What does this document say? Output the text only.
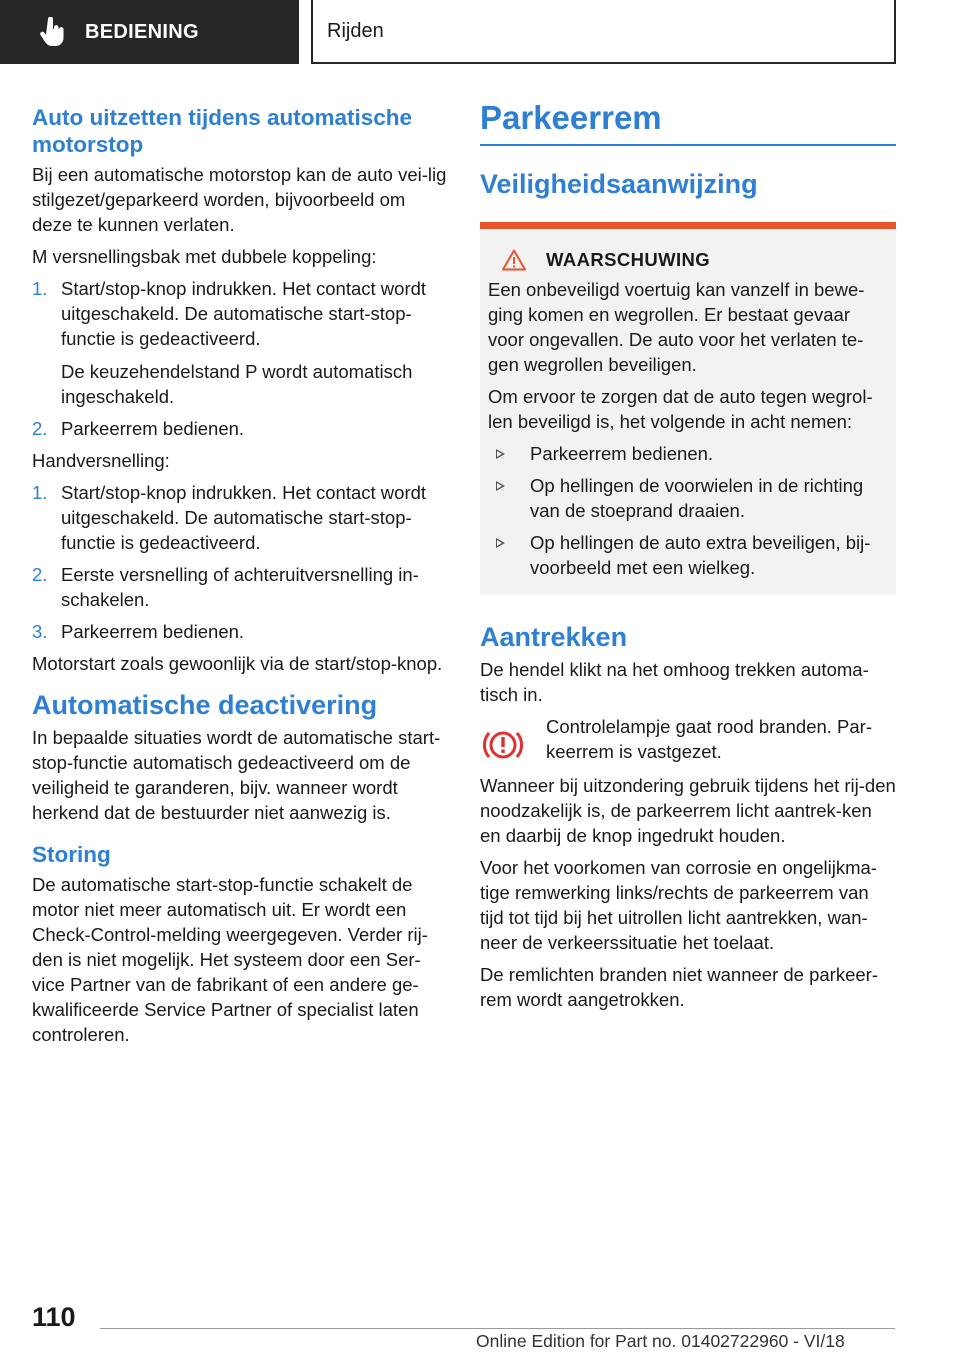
BEDIENING	Rijden
Auto uitzetten tijdens automatische motorstop

Bij een automatische motorstop kan de auto vei‐lig stilgezet/geparkeerd worden, bijvoorbeeld om deze te kunnen verlaten.

M versnellingsbak met dubbele koppeling:

1. Start/stop-knop indrukken. Het contact wordt uitgeschakeld. De automatische start-stop-functie is gedeactiveerd.
De keuzehendelstand P wordt automatisch ingeschakeld.
2. Parkeerrem bedienen.

Handversnelling:

1. Start/stop-knop indrukken. Het contact wordt uitgeschakeld. De automatische start-stop-functie is gedeactiveerd.
2. Eerste versnelling of achteruitversnelling in‐schakelen.
3. Parkeerrem bedienen.

Motorstart zoals gewoonlijk via de start/stop-knop.

Automatische deactivering

In bepaalde situaties wordt de automatische start-stop-functie automatisch gedeactiveerd om de veiligheid te garanderen, bijv. wanneer wordt herkend dat de bestuurder niet aanwezig is.

Storing

De automatische start-stop-functie schakelt de motor niet meer automatisch uit. Er wordt een Check-Control-melding weergegeven. Verder rij‐den is niet mogelijk. Het systeem door een Ser‐vice Partner van de fabrikant of een andere ge‐kwalificeerde Service Partner of specialist laten controleren.

Parkeerrem
Veiligheidsaanwijzing
WAARSCHUWING

Een onbeveiligd voertuig kan vanzelf in bewe‐ging komen en wegrollen. Er bestaat gevaar voor ongevallen. De auto voor het verlaten te‐gen wegrollen beveiligen.

Om ervoor te zorgen dat de auto tegen wegrol‐len beveiligd is, het volgende in acht nemen:

Parkeerrem bedienen.
Op hellingen de voorwielen in de richting van de stoeprand draaien.
Op hellingen de auto extra beveiligen, bij‐voorbeeld met een wielkeg.
Aantrekken

De hendel klikt na het omhoog trekken automa‐tisch in.

Controlelampje gaat rood branden. Par‐keerrem is vastgezet.

Wanneer bij uitzondering gebruik tijdens het rij‐den noodzakelijk is, de parkeerrem licht aantrek‐ken en daarbij de knop ingedrukt houden.

Voor het voorkomen van corrosie en ongelijkma‐tige remwerking links/rechts de parkeerrem van tijd tot tijd bij het uitrollen licht aantrekken, wan‐neer de verkeerssituatie het toelaat.

De remlichten branden niet wanneer de parkeer‐rem wordt aangetrokken.

110
Online Edition for Part no. 01402722960 - VI/18
